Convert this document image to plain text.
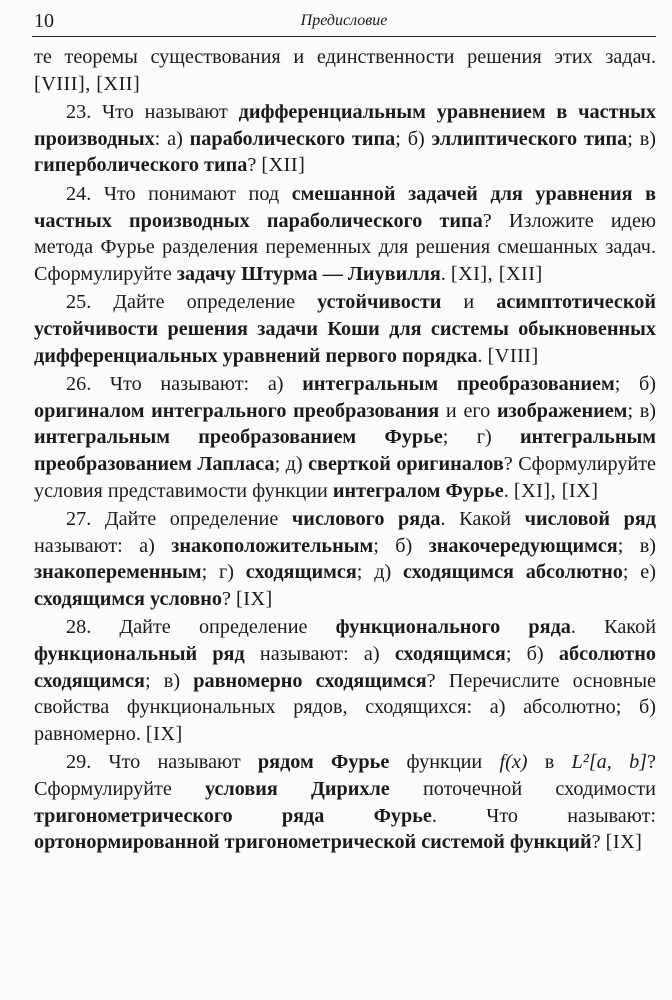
10	Предисловие

те теоремы существования и единственности решения этих задач. [VIII], [XII]

23. Что называют дифференциальным уравнением в частных производных: а) параболического типа; б) эллиптического типа; в) гиперболического типа? [XII]

24. Что понимают под смешанной задачей для уравнения в частных производных параболического типа? Изложите идею метода Фурье разделения переменных для решения смешанных задач. Сформулируйте задачу Штурма — Лиувилля. [XI], [XII]

25. Дайте определение устойчивости и асимптотической устойчивости решения задачи Коши для системы обыкновенных дифференциальных уравнений первого порядка. [VIII]

26. Что называют: а) интегральным преобразованием; б) оригиналом интегрального преобразования и его изображением; в) интегральным преобразованием Фурье; г) интегральным преобразованием Лапласа; д) сверткой оригиналов? Сформулируйте условия представимости функции интегралом Фурье. [XI], [IX]

27. Дайте определение числового ряда. Какой числовой ряд называют: а) знакоположительным; б) знакочередующимся; в) знакопеременным; г) сходящимся; д) сходящимся абсолютно; е) сходящимся условно? [IX]

28. Дайте определение функционального ряда. Какой функциональный ряд называют: а) сходящимся; б) абсолютно сходящимся; в) равномерно сходящимся? Перечислите основные свойства функциональных рядов, сходящихся: а) абсолютно; б) равномерно. [IX]

29. Что называют рядом Фурье функции f(x) в L²[a, b]? Сформулируйте условия Дирихле поточечной сходимости тригонометрического ряда Фурье. Что называют: ортонормированной тригонометрической системой функций? [IX]
